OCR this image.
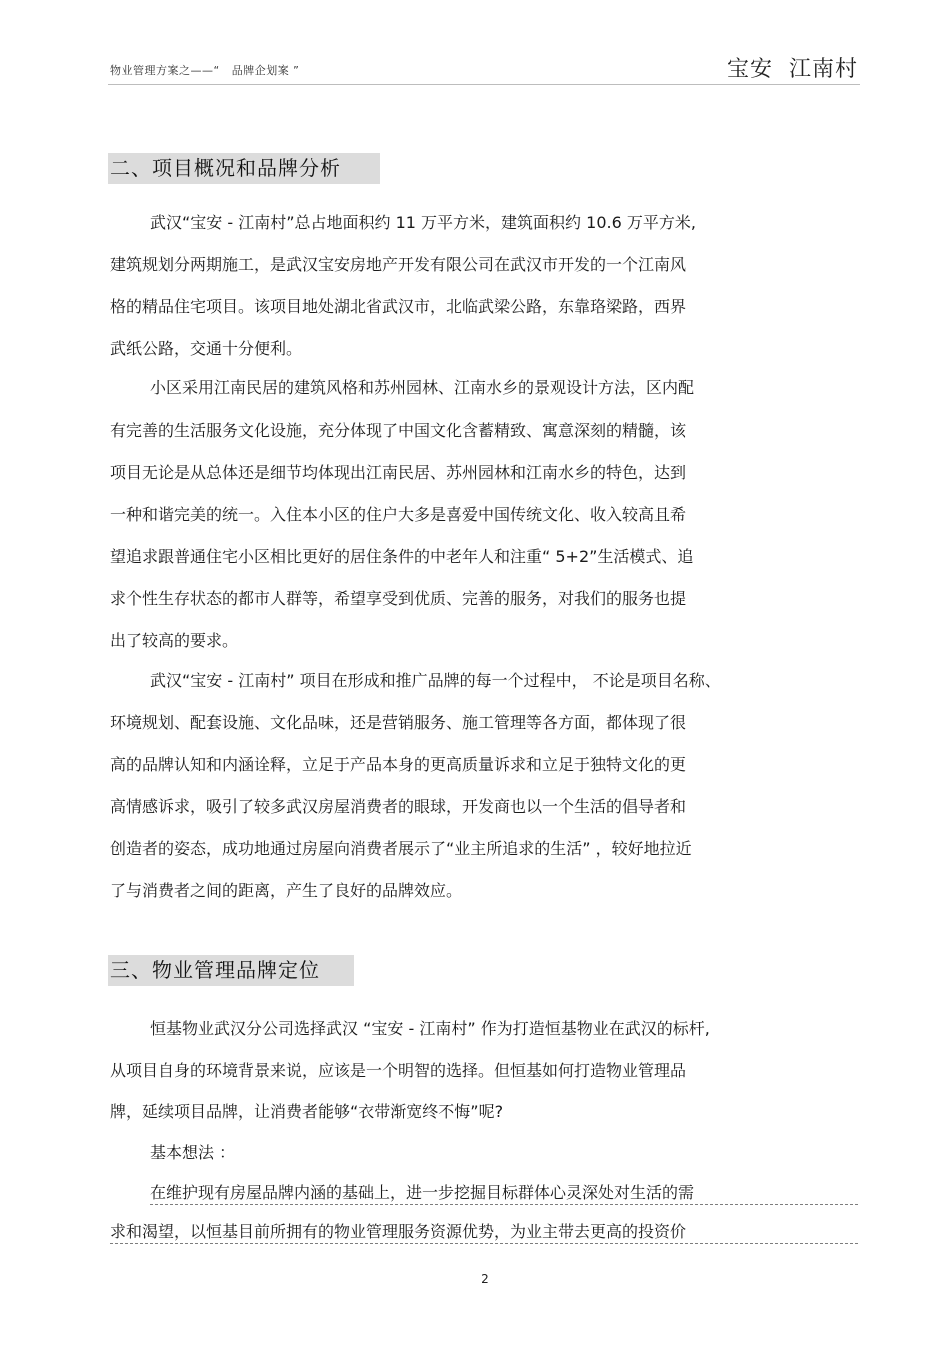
物业管理方案之——“   品牌企划案 ”	宝安  江南村
二、项目概况和品牌分析
武汉“宝安 - 江南村”总占地面积约 11 万平方米，建筑面积约 10.6 万平方米,
建筑规划分两期施工，是武汉宝安房地产开发有限公司在武汉市开发的一个江南风
格的精品住宅项目。该项目地处湖北省武汉市，北临武梁公路，东靠珞梁路，西界
武纸公路，交通十分便利。
小区采用江南民居的建筑风格和苏州园林、江南水乡的景观设计方法，区内配
有完善的生活服务文化设施，充分体现了中国文化含蓄精致、寓意深刻的精髓，该
项目无论是从总体还是细节均体现出江南民居、苏州园林和江南水乡的特色，达到
一种和谐完美的统一。入住本小区的住户大多是喜爱中国传统文化、收入较高且希
望追求跟普通住宅小区相比更好的居住条件的中老年人和注重“ 5+2”生活模式、追
求个性生存状态的都市人群等，希望享受到优质、完善的服务，对我们的服务也提
出了较高的要求。
武汉“宝安 - 江南村” 项目在形成和推广品牌的每一个过程中， 不论是项目名称、
环境规划、配套设施、文化品味，还是营销服务、施工管理等各方面，都体现了很
高的品牌认知和内涵诠释，立足于产品本身的更高质量诉求和立足于独特文化的更
高情感诉求，吸引了较多武汉房屋消费者的眼球，开发商也以一个生活的倡导者和
创造者的姿态，成功地通过房屋向消费者展示了“业主所追求的生活” ，较好地拉近
了与消费者之间的距离，产生了良好的品牌效应。
三、物业管理品牌定位
恒基物业武汉分公司选择武汉 “宝安 - 江南村” 作为打造恒基物业在武汉的标杆,
从项目自身的环境背景来说，应该是一个明智的选择。但恒基如何打造物业管理品
牌，延续项目品牌，让消费者能够“衣带渐宽终不悔”呢?
基本想法 ：
在维护现有房屋品牌内涵的基础上，进一步挖掘目标群体心灵深处对生活的需
求和渴望，以恒基目前所拥有的物业管理服务资源优势，为业主带去更高的投资价
2
